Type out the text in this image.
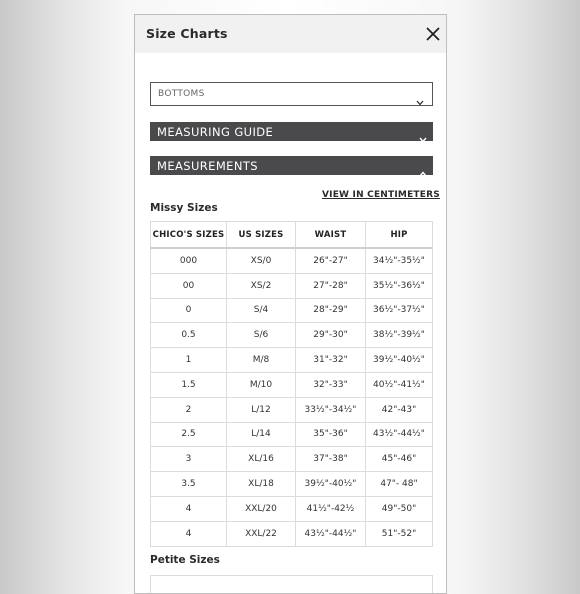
Size Charts
BOTTOMS
MEASURING GUIDE
MEASUREMENTS
VIEW IN CENTIMETERS
Missy Sizes
CHICO'S SIZES	US SIZES	WAIST	HIP
000	XS/0	26"-27"	34½"-35½"
00	XS/2	27"-28"	35½"-36½"
0	S/4	28"-29"	36½"-37½"
0.5	S/6	29"-30"	38½"-39½"
1	M/8	31"-32"	39½"-40½"
1.5	M/10	32"-33"	40½"-41½"
2	L/12	33½"-34½"	42"-43"
2.5	L/14	35"-36"	43½"-44½"
3	XL/16	37"-38"	45"-46"
3.5	XL/18	39½"-40½"	47"- 48"
4	XXL/20	41½"-42½	49"-50"
4	XXL/22	43½"-44½"	51"-52"
Petite Sizes
